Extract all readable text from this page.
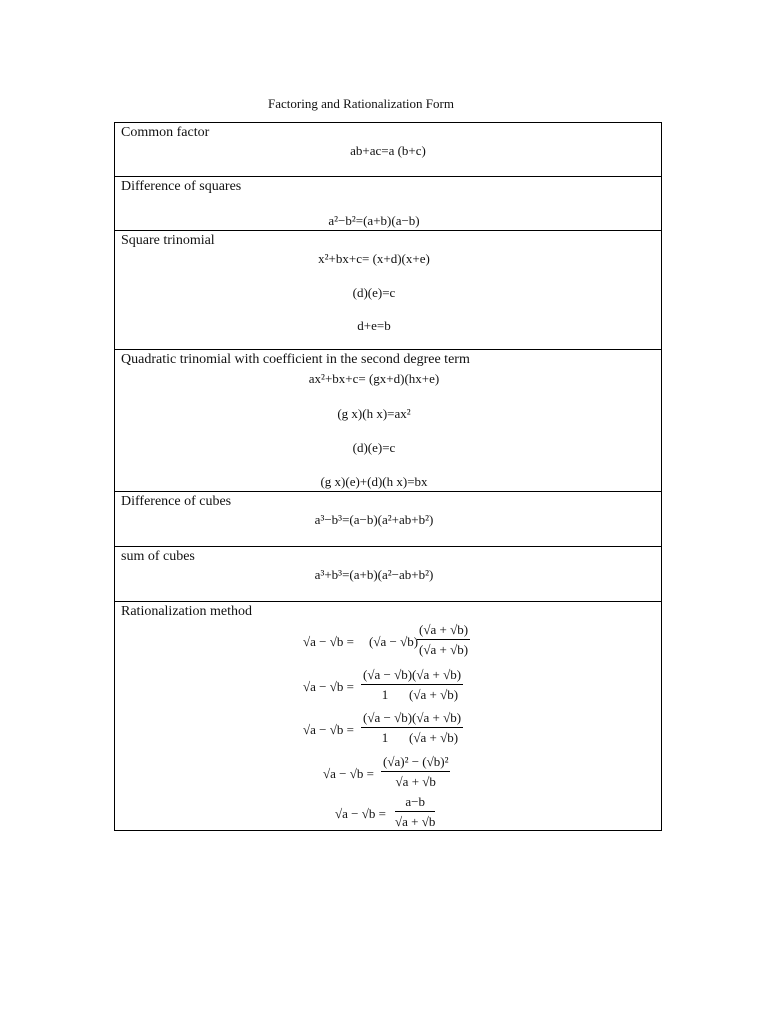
Factoring and Rationalization Form
Common factor
ab+ac=a (b+c)
Difference of squares
a²−b²=(a+b)(a−b)
Square trinomial
x²+bx+c= (x+d)(x+e)
(d)(e)=c
d+e=b
Quadratic trinomial with coefficient in the second degree term
ax²+bx+c= (gx+d)(hx+e)
(g x)(h x)=ax²
(d)(e)=c
(g x)(e)+(d)(h x)=bx
Difference of cubes
a³−b³=(a−b)(a²+ab+b²)
sum of cubes
a³+b³=(a+b)(a²−ab+b²)
Rationalization method
√a − √b = (√a − √b)
$\frac{(√a + √b)}{(√a + √b)}$
$√a - √b = \frac{(√a - √b)(√a + √b)}{1 (√a + √b)}$
$√a - √b = \frac{(√a - √b)(√a + √b)}{1 (√a + √b)}$
$√a - √b = \frac{\text{(√a)² − (√b)²}}{√a + √b}$
$√a - √b = \frac{a-b}{√a + √b}$
